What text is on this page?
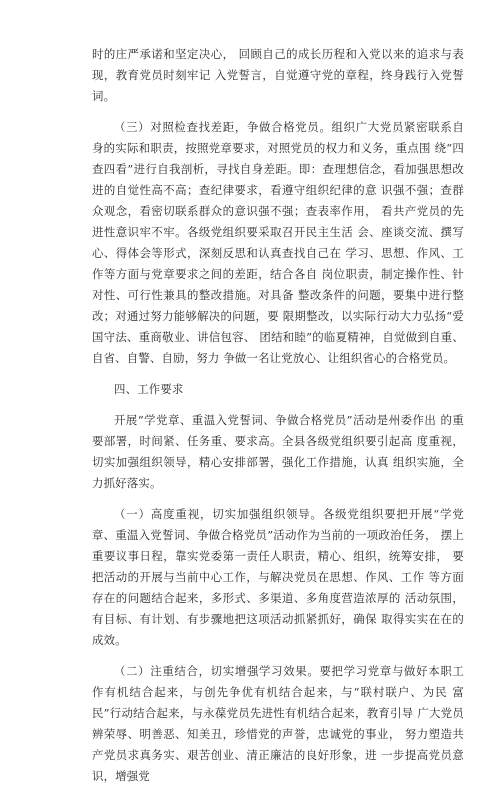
时的庄严承诺和坚定决心， 回顾自己的成长历程和入党以来的追求与表现，教育党员时刻牢记 入党誓言，自觉遵守党的章程，终身践行入党誓词。

（三）对照检查找差距，争做合格党员。组织广大党员紧密联系自 身的实际和职责，按照党章要求，对照党员的权力和义务，重点围 绕“四查四看”进行自我剖析，寻找自身差距。即：查理想信念，看加强思想改进的自觉性高不高；查纪律要求，看遵守组织纪律的意 识强不强；查群众观念，看密切联系群众的意识强不强；查表率作用， 看共产党员的先进性意识牢不牢。各级党组织要采取召开民主生活 会、座谈交流、撰写心、得体会等形式，深刻反思和认真查找自己在 学习、思想、作风、工作等方面与党章要求之间的差距，结合各自 岗位职责，制定操作性、针对性、可行性兼具的整改措施。对具备 整改条件的问题，要集中进行整改；对通过努力能够解决的问题，要 限期整改，以实际行动大力弘扬“爱国守法、重商敬业、讲信包容、 团结和睦”的临夏精神，自觉做到自重、自省、自警、自励，努力 争做一名让党放心、让组织省心的合格党员。

四、工作要求

开展“学党章、重温入党誓词、争做合格党员”活动是州委作出 的重要部署，时间紧、任务重、要求高。全县各级党组织要引起高 度重视，切实加强组织领导，精心安排部署，强化工作措施，认真 组织实施，全力抓好落实。

（一）高度重视，切实加强组织领导。各级党组织要把开展“学党 章、重温入党誓词、争做合格党员”活动作为当前的一项政治任务， 摆上重要议事日程，靠实党委第一责任人职责，精心、组织，统筹安排， 要把活动的开展与当前中心工作，与解决党员在思想、作风、工作 等方面存在的问题结合起来，多形式、多渠道、多角度营造浓厚的 活动氛围，有目标、有计划、有步骤地把这项活动抓紧抓好，确保 取得实实在在的成效。

（二）注重结合，切实增强学习效果。要把学习党章与做好本职工 作有机结合起来，与创先争优有机结合起来，与“联村联户、为民 富民”行动结合起来，与永葆党员先进性有机结合起来，教育引导 广大党员辨荣辱、明善恶、知美丑，珍惜党的声誉，忠诚党的事业， 努力塑造共产党员求真务实、艰苦创业、清正廉洁的良好形象，进 一步提高党员意识，增强党
